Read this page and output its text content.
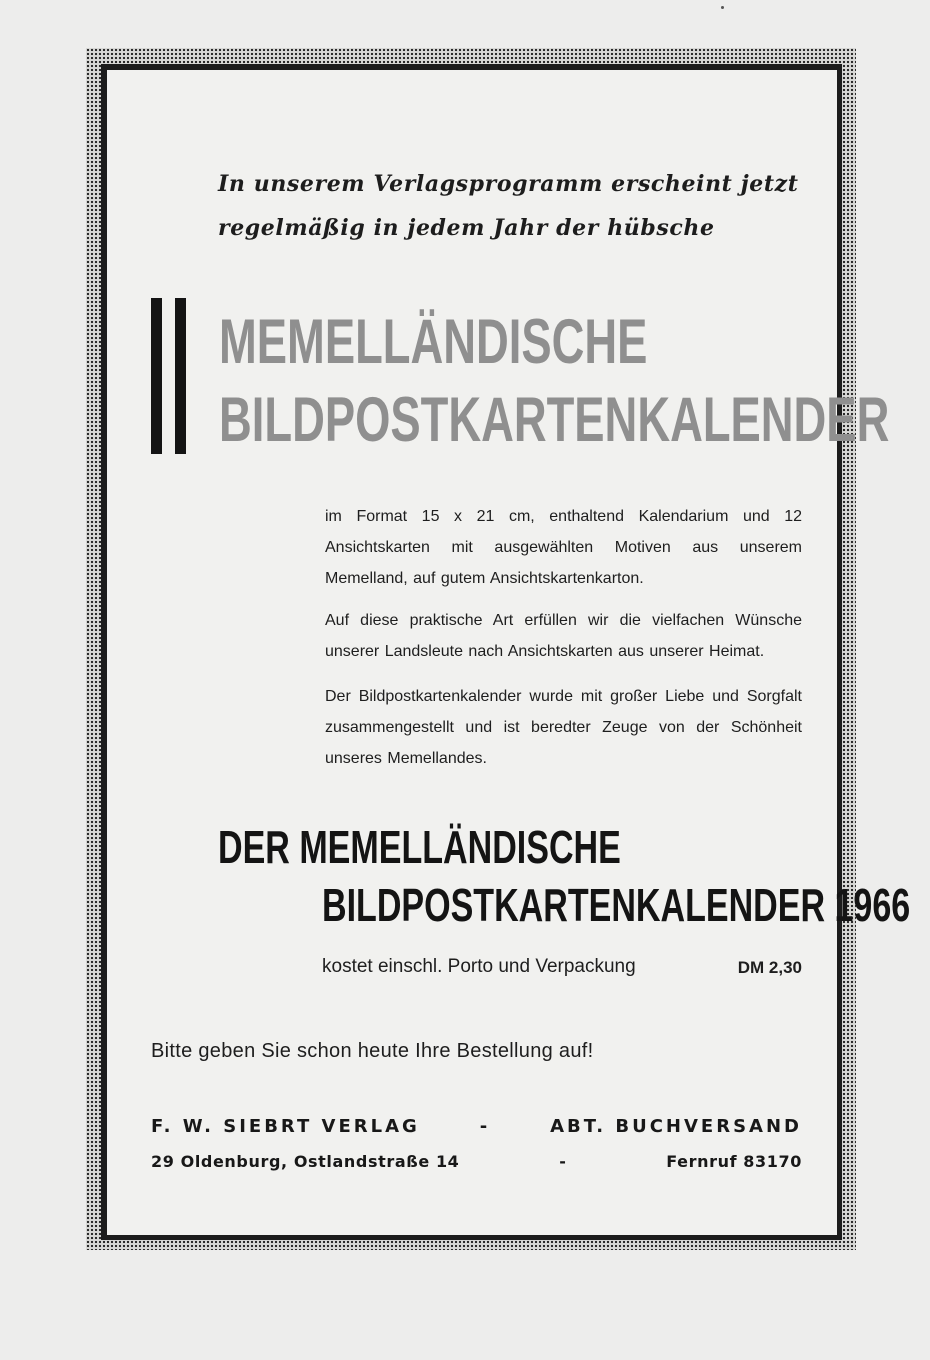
In unserem Verlagsprogramm erscheint jetzt
regelmäßig in jedem Jahr der hübsche

MEMELLÄNDISCHE
BILDPOSTKARTENKALENDER

im Format 15 x 21 cm, enthaltend Kalendarium und 12 Ansichtskarten mit ausgewählten Motiven aus unserem Memelland, auf gutem Ansichtskartenkarton.

Auf diese praktische Art erfüllen wir die vielfachen Wünsche unserer Landsleute nach Ansichtskarten aus unserer Heimat.

Der Bildpostkartenkalender wurde mit großer Liebe und Sorgfalt zusammengestellt und ist beredter Zeuge von der Schönheit unseres Memellandes.

DER MEMELLÄNDISCHE
BILDPOSTKARTENKALENDER 1966
kostet einschl. Porto und Verpackung	DM 2,30
Bitte geben Sie schon heute Ihre Bestellung auf!
F. W. SIEBRT VERLAG	-	ABT. BUCHVERSAND
29 Oldenburg, Ostlandstraße 14	-	Fernruf 83170
